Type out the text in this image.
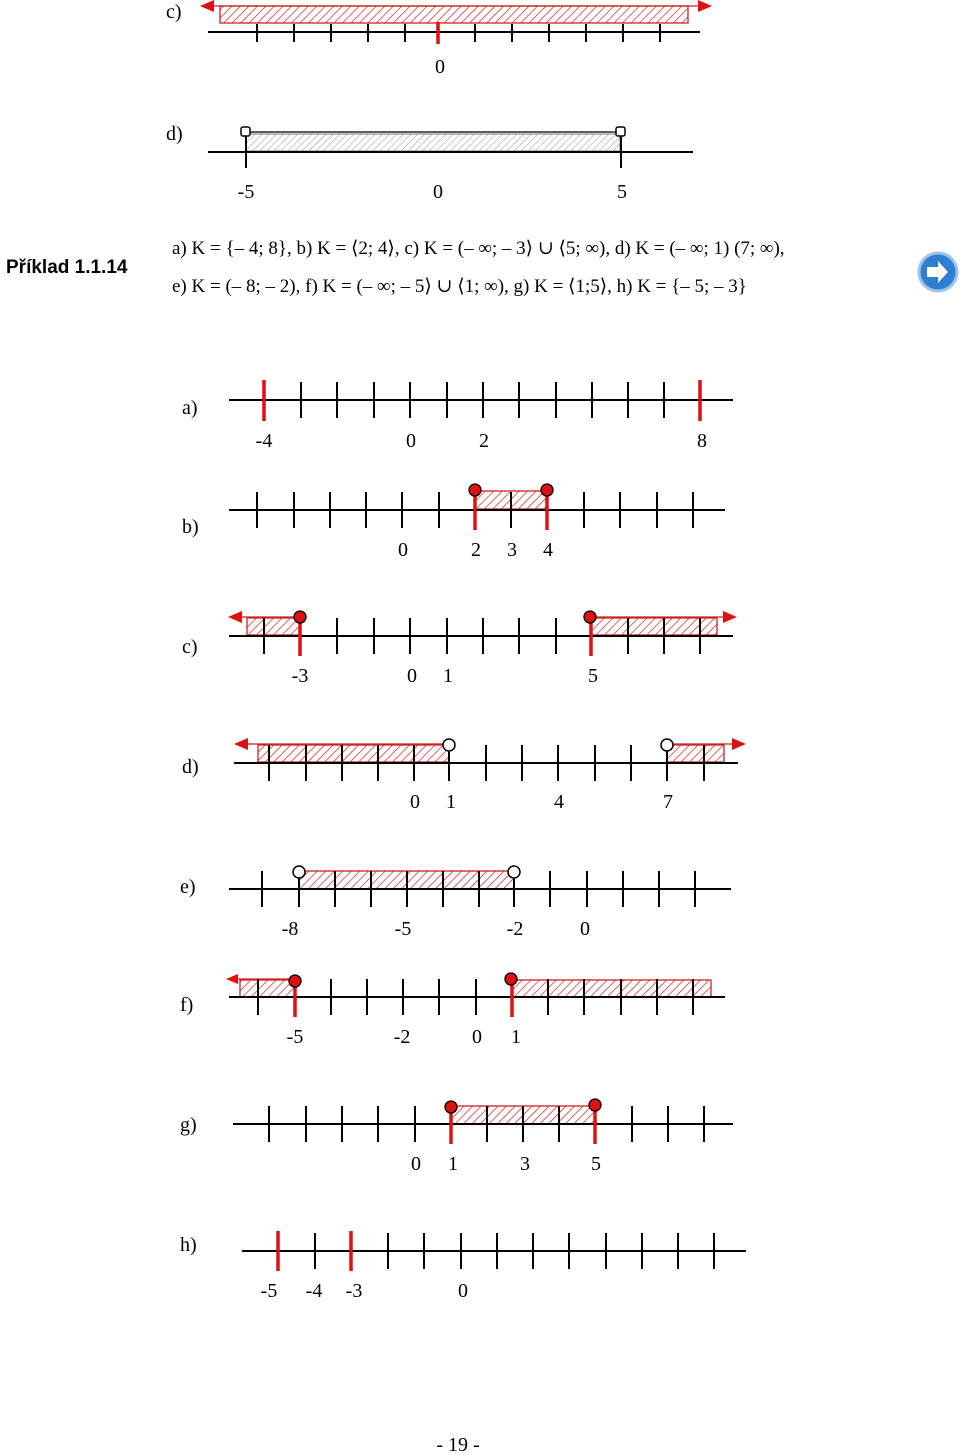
c)
0
d)
-5	0	5
Příklad 1.1.14
a) K = {– 4; 8}, b) K = ⟨2; 4⟩, c) K = (– ∞; – 3⟩ ∪ ⟨5; ∞), d) K = (– ∞; 1) (7; ∞),
e) K = (– 8; – 2), f) K = (– ∞; – 5⟩ ∪ ⟨1; ∞), g) K = ⟨1;5⟩, h) K = {– 5; – 3}
a)
-4	0	2	8
b)
0	2 3 4
c)
-3	0 1	5
d)
0 1	4	7
e)
-8	-5	-2	0
f)
-5	-2	0 1
g)
0 1	3	5
h)
-5 -4 -3	0
- 19 -
